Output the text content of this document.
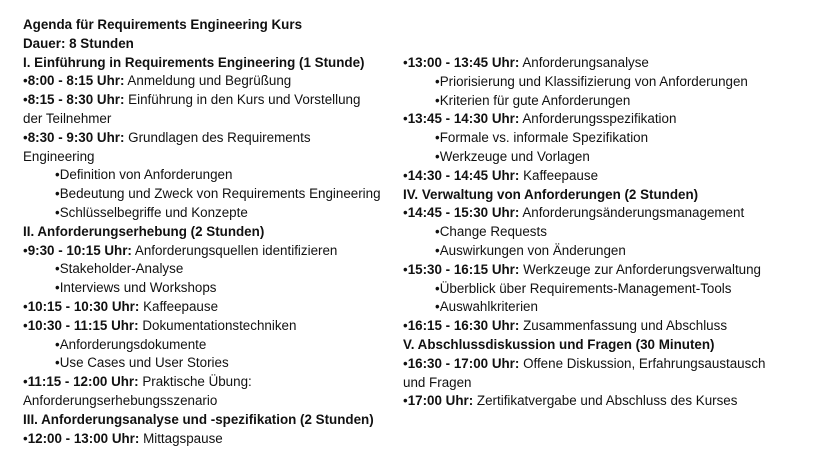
Agenda für Requirements Engineering Kurs
Dauer: 8 Stunden
I. Einführung in Requirements Engineering (1 Stunde)
• 8:00 - 8:15 Uhr: Anmeldung und Begrüßung
• 8:15 - 8:30 Uhr: Einführung in den Kurs und Vorstellung
der Teilnehmer
• 8:30 - 9:30 Uhr: Grundlagen des Requirements
Engineering
• Definition von Anforderungen
• Bedeutung und Zweck von Requirements Engineering
• Schlüsselbegriffe und Konzepte
II. Anforderungserhebung (2 Stunden)
• 9:30 - 10:15 Uhr: Anforderungsquellen identifizieren
• Stakeholder-Analyse
• Interviews und Workshops
• 10:15 - 10:30 Uhr: Kaffeepause
• 10:30 - 11:15 Uhr: Dokumentationstechniken
• Anforderungsdokumente
• Use Cases und User Stories
• 11:15 - 12:00 Uhr: Praktische Übung:
Anforderungserhebungsszenario
III. Anforderungsanalyse und -spezifikation (2 Stunden)
• 12:00 - 13:00 Uhr: Mittagspause
• 13:00 - 13:45 Uhr: Anforderungsanalyse
• Priorisierung und Klassifizierung von Anforderungen
• Kriterien für gute Anforderungen
• 13:45 - 14:30 Uhr: Anforderungsspezifikation
• Formale vs. informale Spezifikation
• Werkzeuge und Vorlagen
• 14:30 - 14:45 Uhr: Kaffeepause
IV. Verwaltung von Anforderungen (2 Stunden)
• 14:45 - 15:30 Uhr: Anforderungsänderungsmanagement
• Change Requests
• Auswirkungen von Änderungen
• 15:30 - 16:15 Uhr: Werkzeuge zur Anforderungsverwaltung
• Überblick über Requirements-Management-Tools
• Auswahlkriterien
• 16:15 - 16:30 Uhr: Zusammenfassung und Abschluss
V. Abschlussdiskussion und Fragen (30 Minuten)
• 16:30 - 17:00 Uhr: Offene Diskussion, Erfahrungsaustausch
und Fragen
• 17:00 Uhr: Zertifikatvergabe und Abschluss des Kurses
